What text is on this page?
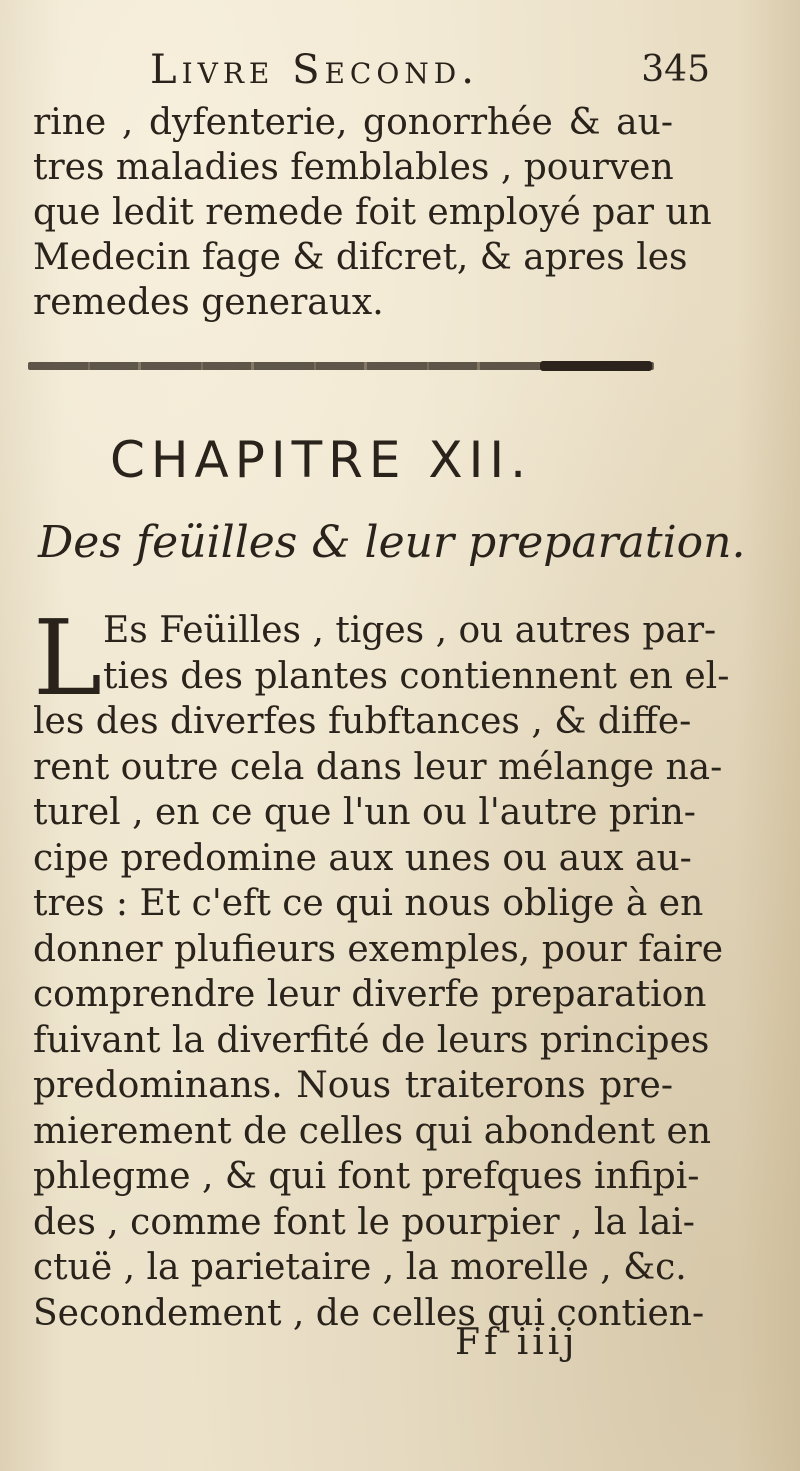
Livre Second.	345
rine , dyfenterie, gonorrhée & au-
tres maladies femblables , pourven
que ledit remede foit employé par un
Medecin fage & difcret, & apres les
remedes generaux.
CHAPITRE XII.
Des feüilles & leur preparation.
L Es Feüilles , tiges , ou autres par-
ties des plantes contiennent en el-
les des diverfes fubftances , & diffe-
rent outre cela dans leur mélange na-
turel , en ce que l'un ou l'autre prin-
cipe predomine aux unes ou aux au-
tres : Et c'eft ce qui nous oblige à en
donner plufieurs exemples, pour faire
comprendre leur diverfe preparation
fuivant la diverfité de leurs principes
predominans. Nous traiterons pre-
mierement de celles qui abondent en
phlegme , & qui font prefques infipi-
des , comme font le pourpier , la lai-
ctuë , la parietaire , la morelle , &c.
Secondement , de celles qui contien-
Ff iiij
